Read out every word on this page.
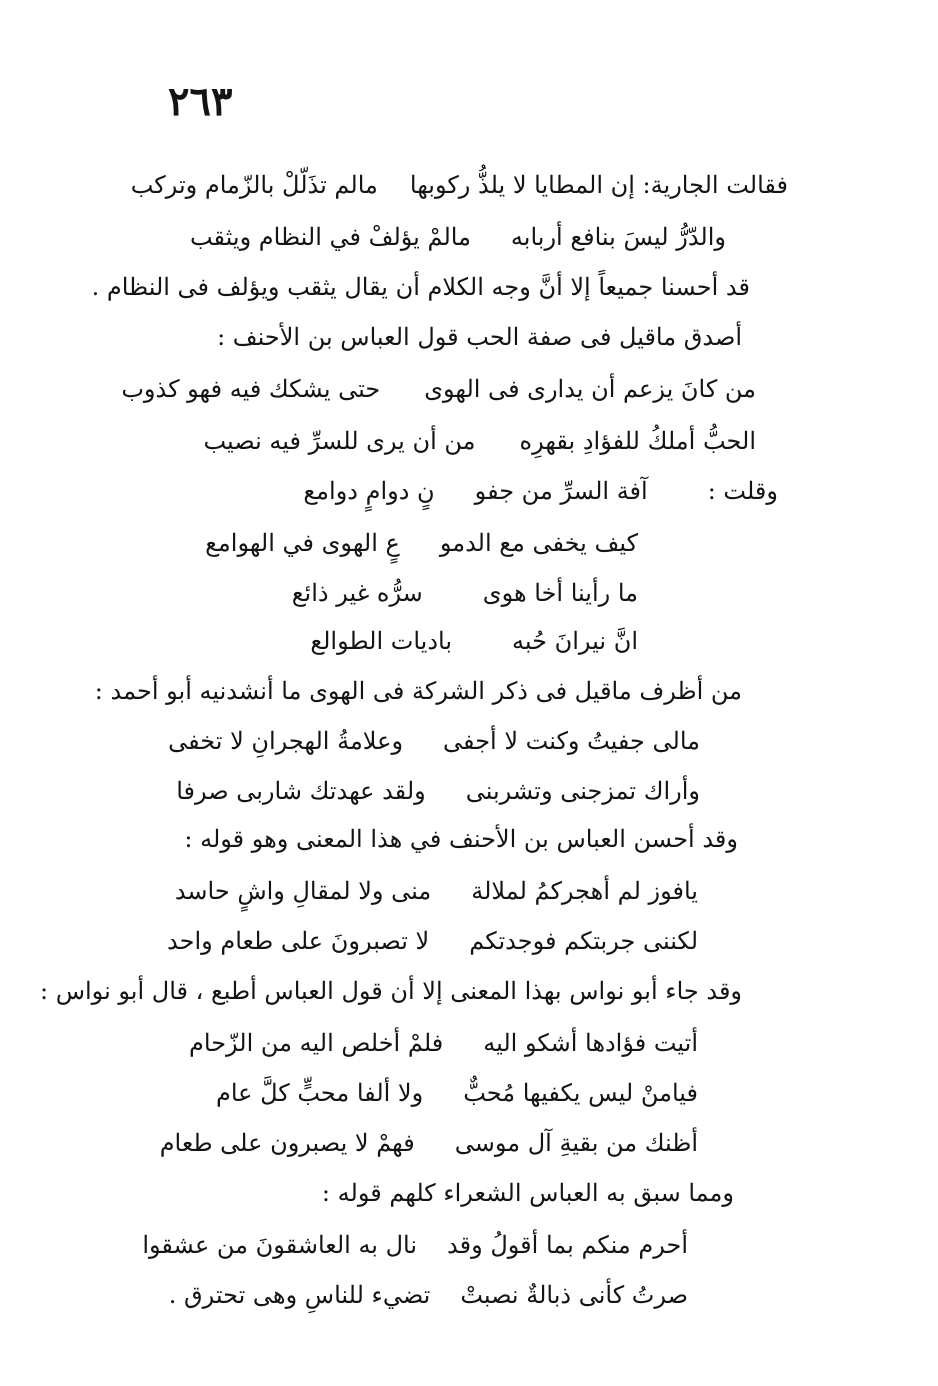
٢٦٣
فقالت الجارية: إن المطايا لا يلذُّ ركوبها
مالم تذَلّلْ بالزّمام وتركب
والدّرُّ ليسَ بنافع أربابه
مالمْ يؤلفْ في النظام ويثقب
قد أحسنا جميعاً إلا أنَّ وجه الكلام أن يقال يثقب ويؤلف فى النظام .
أصدق ماقيل فى صفة الحب قول العباس بن الأحنف :
من كانَ يزعم أن يدارى فى الهوى
حتى يشكك فيه فهو كذوب
الحبُّ أملكُ للفؤادِ بقهرِه
من أن يرى للسرِّ فيه نصيب
وقلت :
آفة السرِّ من جفو
نٍ دوامٍ دوامع
كيف يخفى مع الدمو
عٍ الهوى في الهوامع
ما رأينا أخا هوى
سرُّه غير ذائع
انَّ نيرانَ حُبه
باديات الطوالع
من أظرف ماقيل فى ذكر الشركة فى الهوى ما أنشدنيه أبو أحمد :
مالى جفيتُ وكنت لا أجفى
وعلامةُ الهجرانِ لا تخفى
وأراك تمزجنى وتشربنى
ولقد عهدتك شاربى صرفا
وقد أحسن العباس بن الأحنف في هذا المعنى وهو قوله :
يافوز لم أهجركمُ لملالة
منى ولا لمقالِ واشٍ حاسد
لكننى جربتكم فوجدتكم
لا تصبرونَ على طعام واحد
وقد جاء أبو نواس بهذا المعنى إلا أن قول العباس أطبع ، قال أبو نواس :
أتيت فؤادها أشكو اليه
فلمْ أخلص اليه من الزّحام
فيامنْ ليس يكفيها مُحبٌّ
ولا ألفا محبٍّ كلَّ عام
أظنك من بقيةِ آل موسى
فهمْ لا يصبرون على طعام
ومما سبق به العباس الشعراء كلهم قوله :
أحرم منكم بما أقولُ وقد
نال به العاشقونَ من عشقوا
صرتُ كأنى ذبالةٌ نصبتْ
تضيء للناسِ وهى تحترق .
